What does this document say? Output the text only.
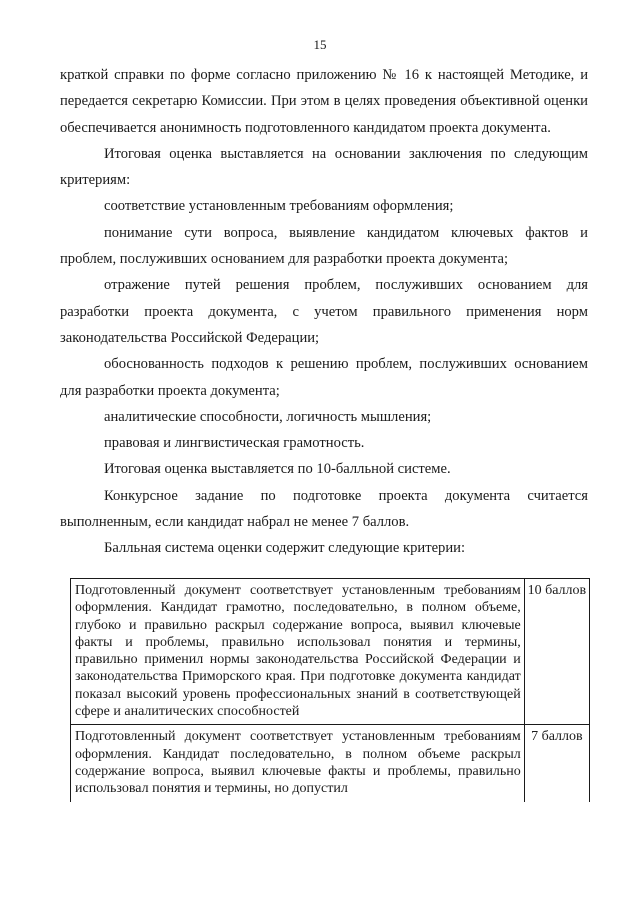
15

краткой справки по форме согласно приложению № 16 к настоящей Методике, и передается секретарю Комиссии. При этом в целях проведения объективной оценки обеспечивается анонимность подготовленного кандидатом проекта документа.

Итоговая оценка выставляется на основании заключения по следующим критериям:

соответствие установленным требованиям оформления;

понимание сути вопроса, выявление кандидатом ключевых фактов и проблем, послуживших основанием для разработки проекта документа;

отражение путей решения проблем, послуживших основанием для разработки проекта документа, с учетом правильного применения норм законодательства Российской Федерации;

обоснованность подходов к решению проблем, послуживших основанием для разработки проекта документа;

аналитические способности, логичность мышления;

правовая и лингвистическая грамотность.

Итоговая оценка выставляется по 10-балльной системе.

Конкурсное задание по подготовке проекта документа считается выполненным, если кандидат набрал не менее 7 баллов.

Балльная система оценки содержит следующие критерии:

Подготовленный документ соответствует установленным требованиям оформления. Кандидат грамотно, последовательно, в полном объеме, глубоко и правильно раскрыл содержание вопроса, выявил ключевые факты и проблемы, правильно использовал понятия и термины, правильно применил нормы законодательства Российской Федерации и законодательства Приморского края. При подготовке документа кандидат показал высокий уровень профессиональных знаний в соответствующей сфере и аналитических способностей	10 баллов
Подготовленный документ соответствует установленным требованиям оформления. Кандидат последовательно, в полном объеме раскрыл содержание вопроса, выявил ключевые факты и проблемы, правильно использовал понятия и термины, но допустил	7 баллов
